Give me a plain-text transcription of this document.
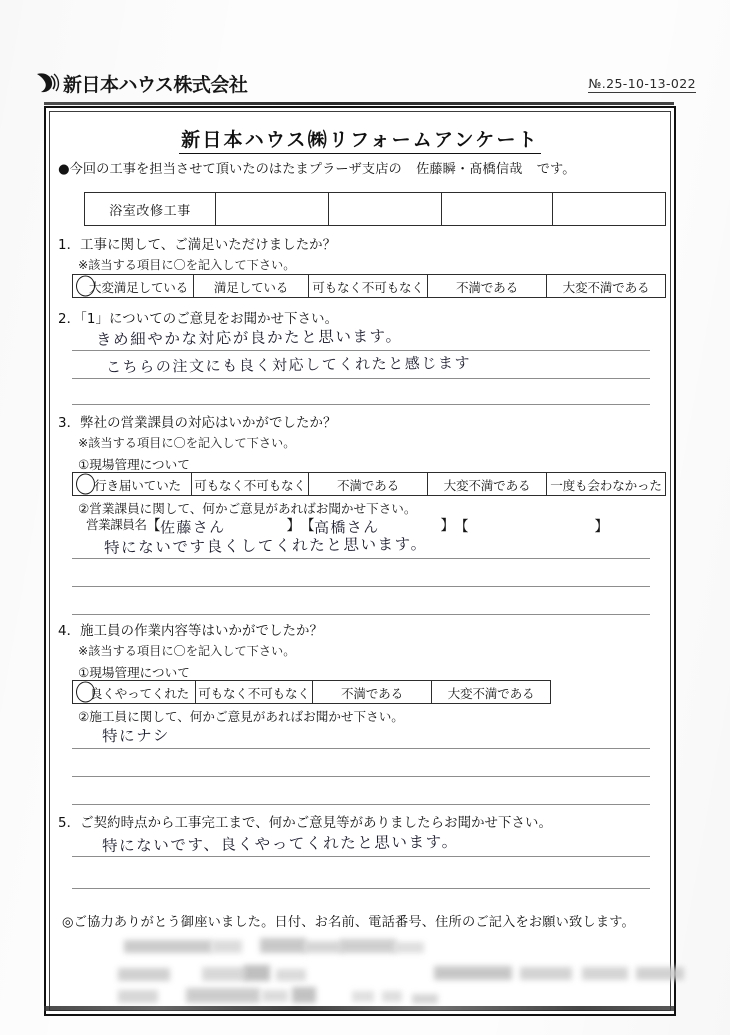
新日本ハウス株式会社	№.25-10-13-022
新日本ハウス㈱リフォームアンケート
●今回の工事を担当させて頂いたのはたまプラーザ支店の 佐藤瞬・髙橋信哉 です。
浴室改修工事				
1．工事に関して、ご満足いただけましたか？
※該当する項目に〇を記入して下さい。
大変満足している	満足している	可もなく不可もなく	不満である	大変不満である
2．「1」についてのご意見をお聞かせ下さい。
きめ細やかな対応が良かたと思います。
こちらの注文にも良く対応してくれたと感じます
3．弊社の営業課員の対応はいかがでしたか？
※該当する項目に〇を記入して下さい。
①現場管理について
行き届いていた	可もなく不可もなく	不満である	大変不満である	一度も会わなかった
②営業課員に関して、何かご意見があればお聞かせ下さい。
営業課員名【佐藤さん	】【高橋さん	】【	】
特にないです良くしてくれたと思います。
4．施工員の作業内容等はいかがでしたか？
※該当する項目に〇を記入して下さい。
①現場管理について
良くやってくれた	可もなく不可もなく	不満である	大変不満である
②施工員に関して、何かご意見があればお聞かせ下さい。
特にナシ
5．ご契約時点から工事完工まで、何かご意見等がありましたらお聞かせ下さい。
特にないです、良くやってくれたと思います。
◎ご協力ありがとう御座いました。日付、お名前、電話番号、住所のご記入をお願い致します。
